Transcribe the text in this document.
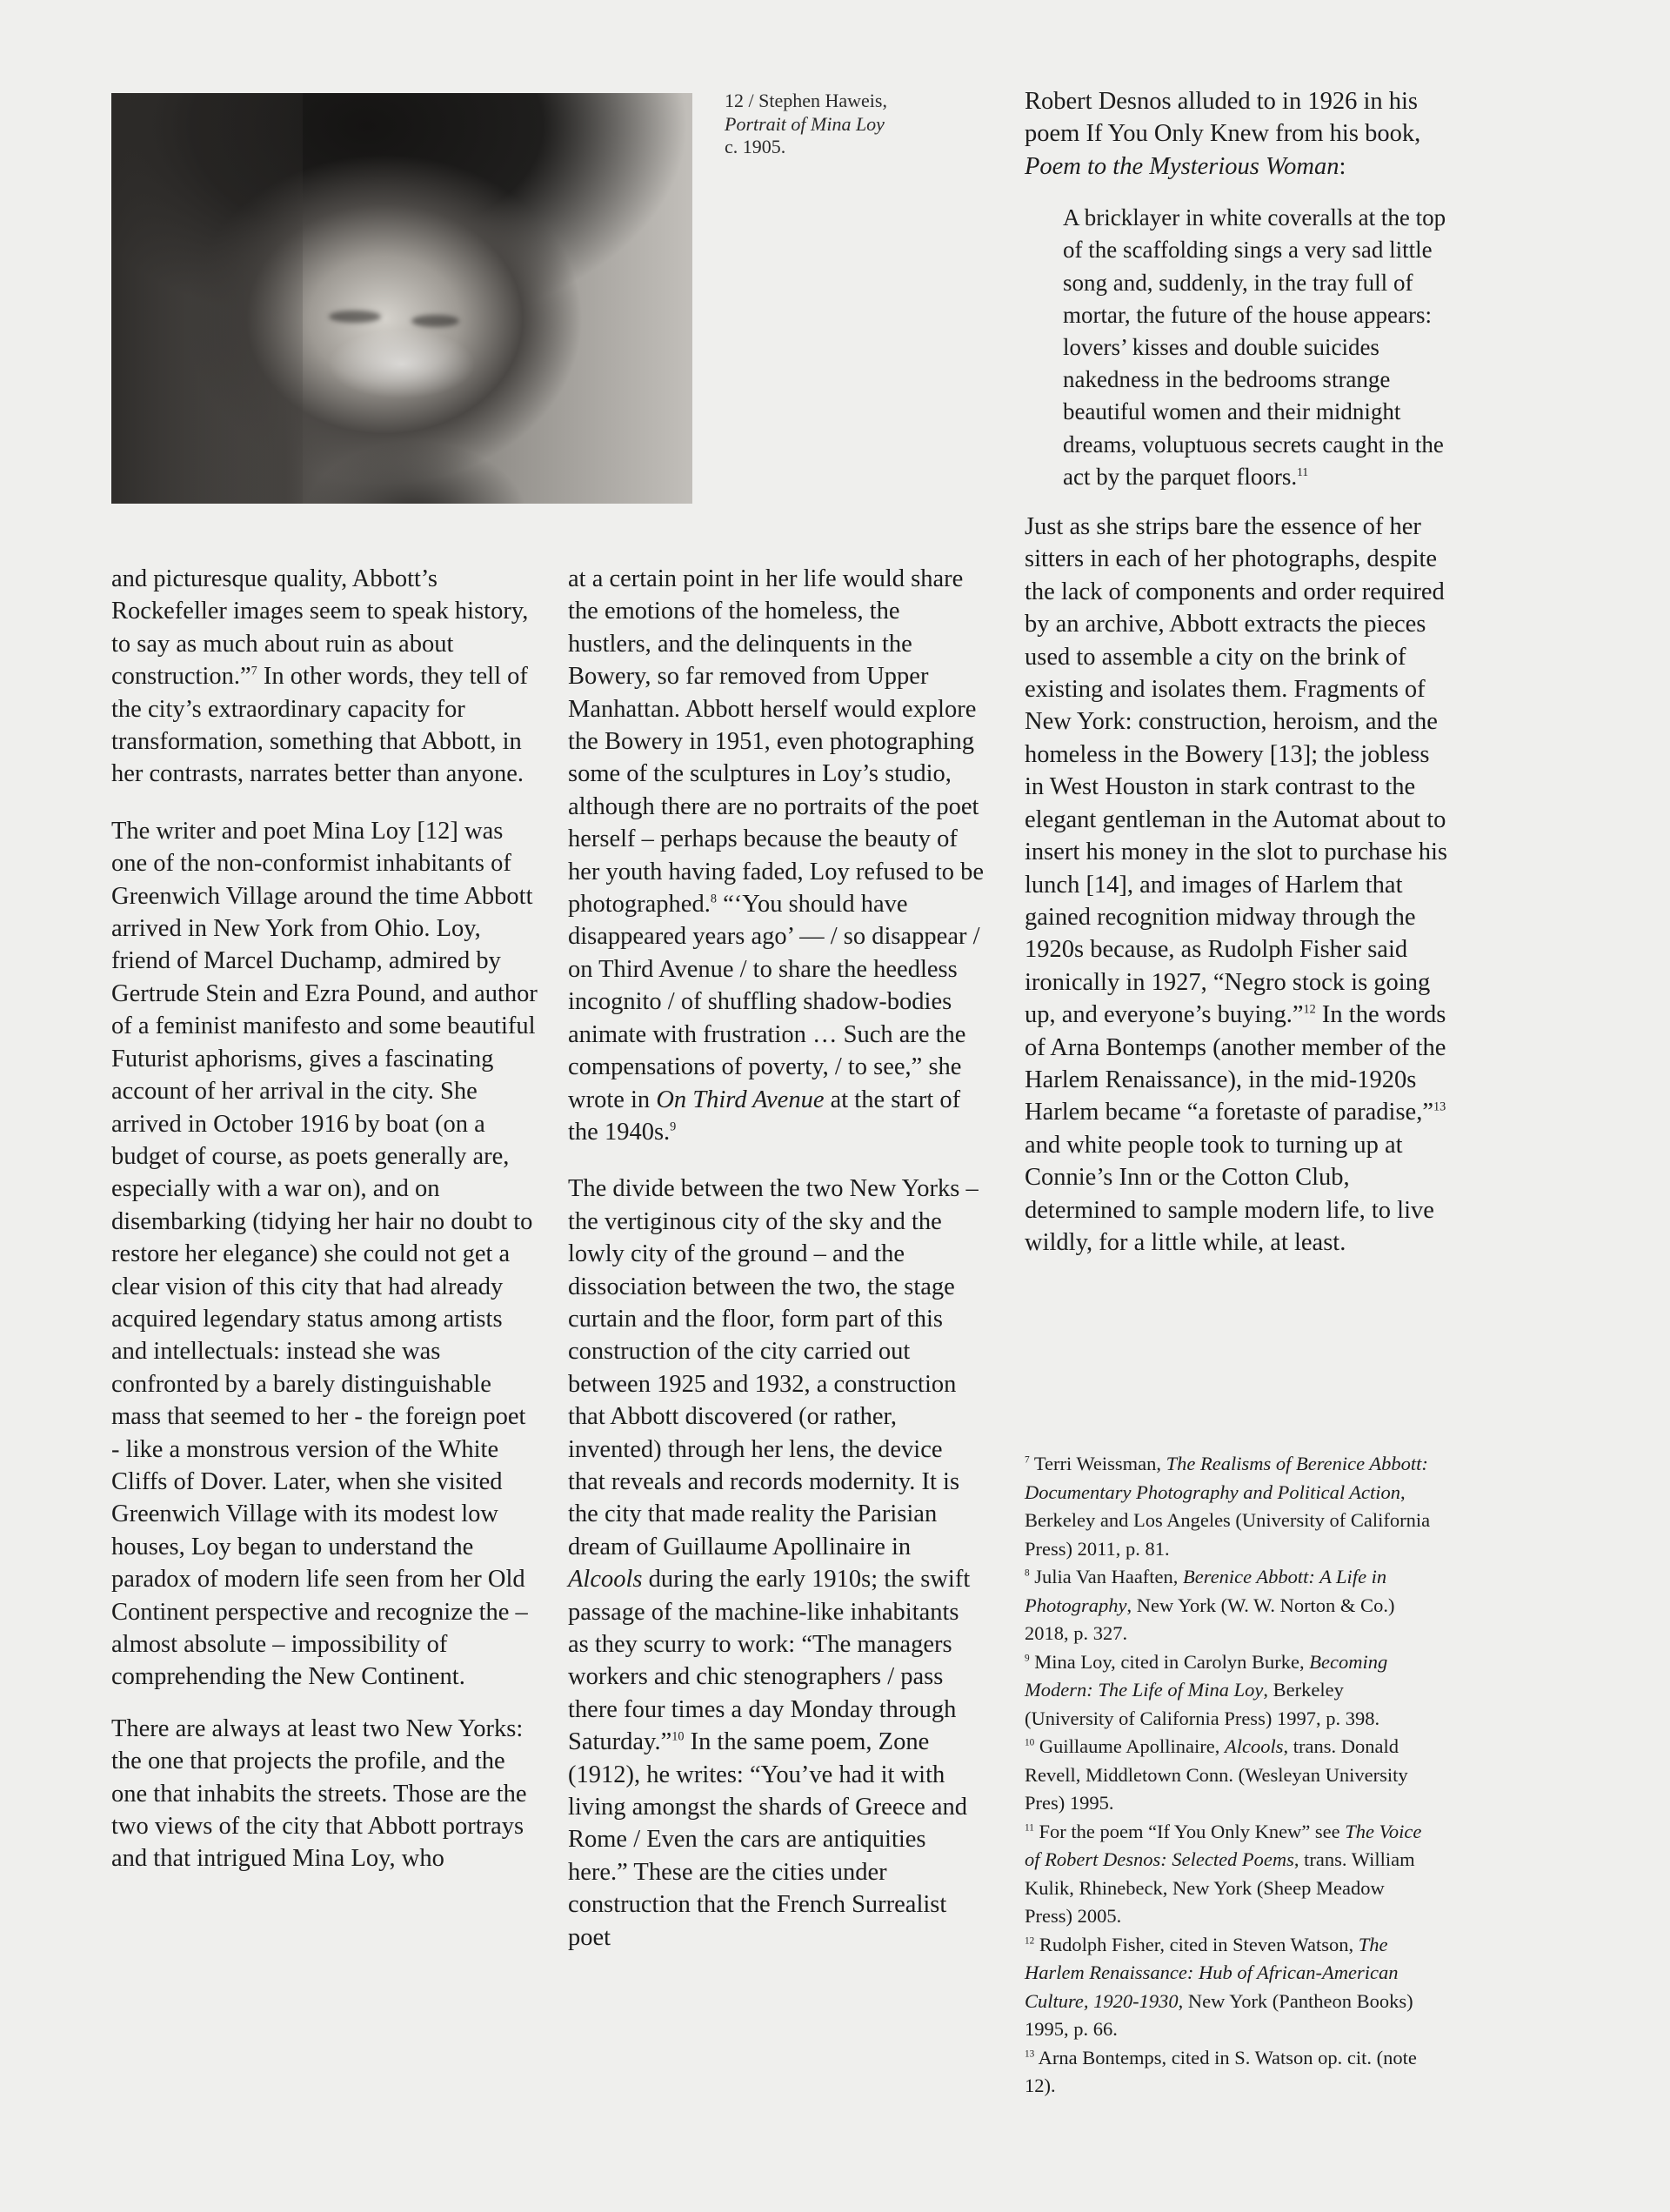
12 / Stephen Haweis,
Portrait of Mina Loy
c. 1905.

and picturesque quality, Abbott’s Rockefeller images seem to speak history, to say as much about ruin as about construction.”$^7$ In other words, they tell of the city’s extraordinary capacity for transformation, something that Abbott, in her contrasts, narrates better than anyone.

The writer and poet Mina Loy [12] was one of the non-conformist inhabitants of Greenwich Village around the time Abbott arrived in New York from Ohio. Loy, friend of Marcel Duchamp, admired by Gertrude Stein and Ezra Pound, and author of a feminist manifesto and some beautiful Futurist aphorisms, gives a fascinating account of her arrival in the city. She arrived in October 1916 by boat (on a budget of course, as poets generally are, especially with a war on), and on disembarking (tidying her hair no doubt to restore her elegance) she could not get a clear vision of this city that had already acquired legendary status among artists and intellectuals: instead she was confronted by a barely distinguishable mass that seemed to her - the foreign poet - like a monstrous version of the White Cliffs of Dover. Later, when she visited Greenwich Village with its modest low houses, Loy began to understand the paradox of modern life seen from her Old Continent perspective and recognize the – almost absolute – impossibility of comprehending the New Continent.

There are always at least two New Yorks: the one that projects the profile, and the one that inhabits the streets. Those are the two views of the city that Abbott portrays and that intrigued Mina Loy, who

at a certain point in her life would share the emotions of the homeless, the hustlers, and the delinquents in the Bowery, so far removed from Upper Manhattan. Abbott herself would explore the Bowery in 1951, even photographing some of the sculptures in Loy’s studio, although there are no portraits of the poet herself – perhaps because the beauty of her youth having faded, Loy refused to be photographed.$^8$ “‘You should have disappeared years ago’ — / so disappear / on Third Avenue / to share the heedless incognito / of shuffling shadow-bodies animate with frustration … Such are the compensations of poverty, / to see,” she wrote in On Third Avenue at the start of the 1940s.$^9$

The divide between the two New Yorks – the vertiginous city of the sky and the lowly city of the ground – and the dissociation between the two, the stage curtain and the floor, form part of this construction of the city carried out between 1925 and 1932, a construction that Abbott discovered (or rather, invented) through her lens, the device that reveals and records modernity. It is the city that made reality the Parisian dream of Guillaume Apollinaire in Alcools during the early 1910s; the swift passage of the machine-like inhabitants as they scurry to work: “The managers workers and chic stenographers / pass there four times a day Monday through Saturday.”$^{10}$ In the same poem, Zone (1912), he writes: “You’ve had it with living amongst the shards of Greece and Rome / Even the cars are antiquities here.” These are the cities under construction that the French Surrealist poet

Robert Desnos alluded to in 1926 in his poem If You Only Knew from his book, Poem to the Mysterious Woman:

A bricklayer in white coveralls at the top of the scaffolding sings a very sad little song and, suddenly, in the tray full of mortar, the future of the house appears: lovers’ kisses and double suicides nakedness in the bedrooms strange beautiful women and their midnight dreams, voluptuous secrets caught in the act by the parquet floors.$^{11}$

Just as she strips bare the essence of her sitters in each of her photographs, despite the lack of components and order required by an archive, Abbott extracts the pieces used to assemble a city on the brink of existing and isolates them. Fragments of New York: construction, heroism, and the homeless in the Bowery [13]; the jobless in West Houston in stark contrast to the elegant gentleman in the Automat about to insert his money in the slot to purchase his lunch [14], and images of Harlem that gained recognition midway through the 1920s because, as Rudolph Fisher said ironically in 1927, “Negro stock is going up, and everyone’s buying.”$^{12}$ In the words of Arna Bontemps (another member of the Harlem Renaissance), in the mid-1920s Harlem became “a foretaste of paradise,”$^{13}$ and white people took to turning up at Connie’s Inn or the Cotton Club, determined to sample modern life, to live wildly, for a little while, at least.

$^7$ Terri Weissman, The Realisms of Berenice Abbott: Documentary Photography and Political Action, Berkeley and Los Angeles (University of California Press) 2011, p. 81.
$^8$ Julia Van Haaften, Berenice Abbott: A Life in Photography, New York (W. W. Norton & Co.) 2018, p. 327.
$^9$ Mina Loy, cited in Carolyn Burke, Becoming Modern: The Life of Mina Loy, Berkeley (University of California Press) 1997, p. 398.
$^{10}$ Guillaume Apollinaire, Alcools, trans. Donald Revell, Middletown Conn. (Wesleyan University Pres) 1995.
$^{11}$ For the poem “If You Only Knew” see The Voice of Robert Desnos: Selected Poems, trans. William Kulik, Rhinebeck, New York (Sheep Meadow Press) 2005.
$^{12}$ Rudolph Fisher, cited in Steven Watson, The Harlem Renaissance: Hub of African-American Culture, 1920-1930, New York (Pantheon Books) 1995, p. 66.
$^{13}$ Arna Bontemps, cited in S. Watson op. cit. (note 12).
